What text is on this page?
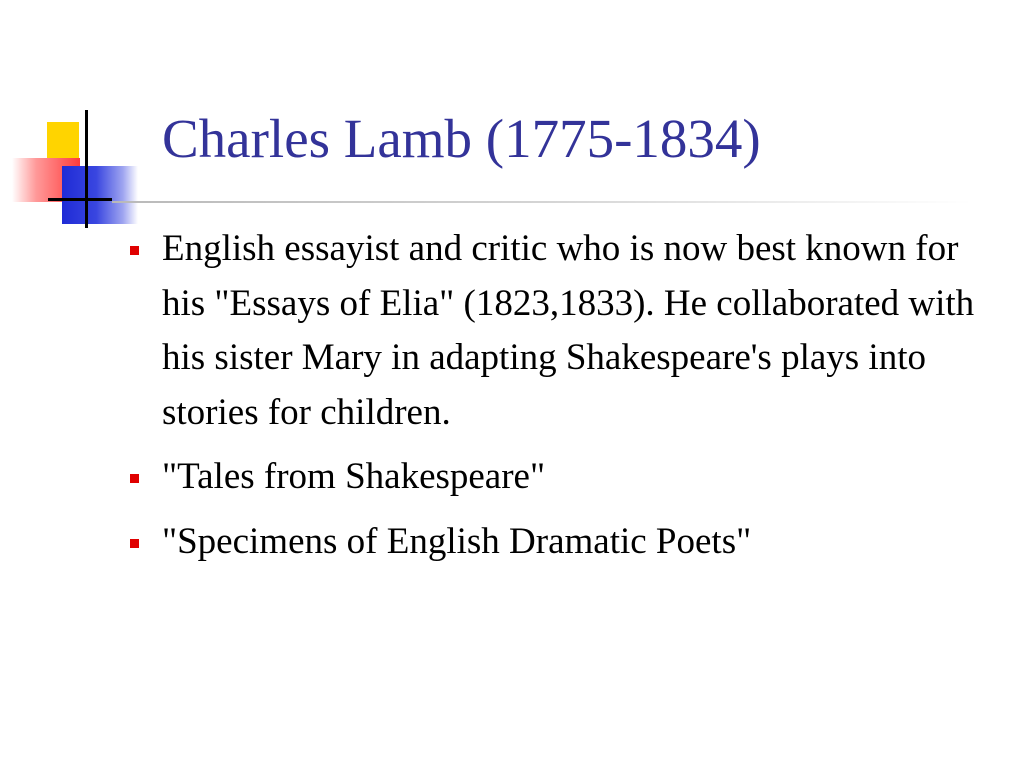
Charles Lamb (1775-1834)
English essayist and critic who is now best known for his "Essays of Elia" (1823,1833). He collaborated with his sister Mary in adapting Shakespeare's plays into stories for children.
"Tales from Shakespeare"
"Specimens of English Dramatic Poets"
